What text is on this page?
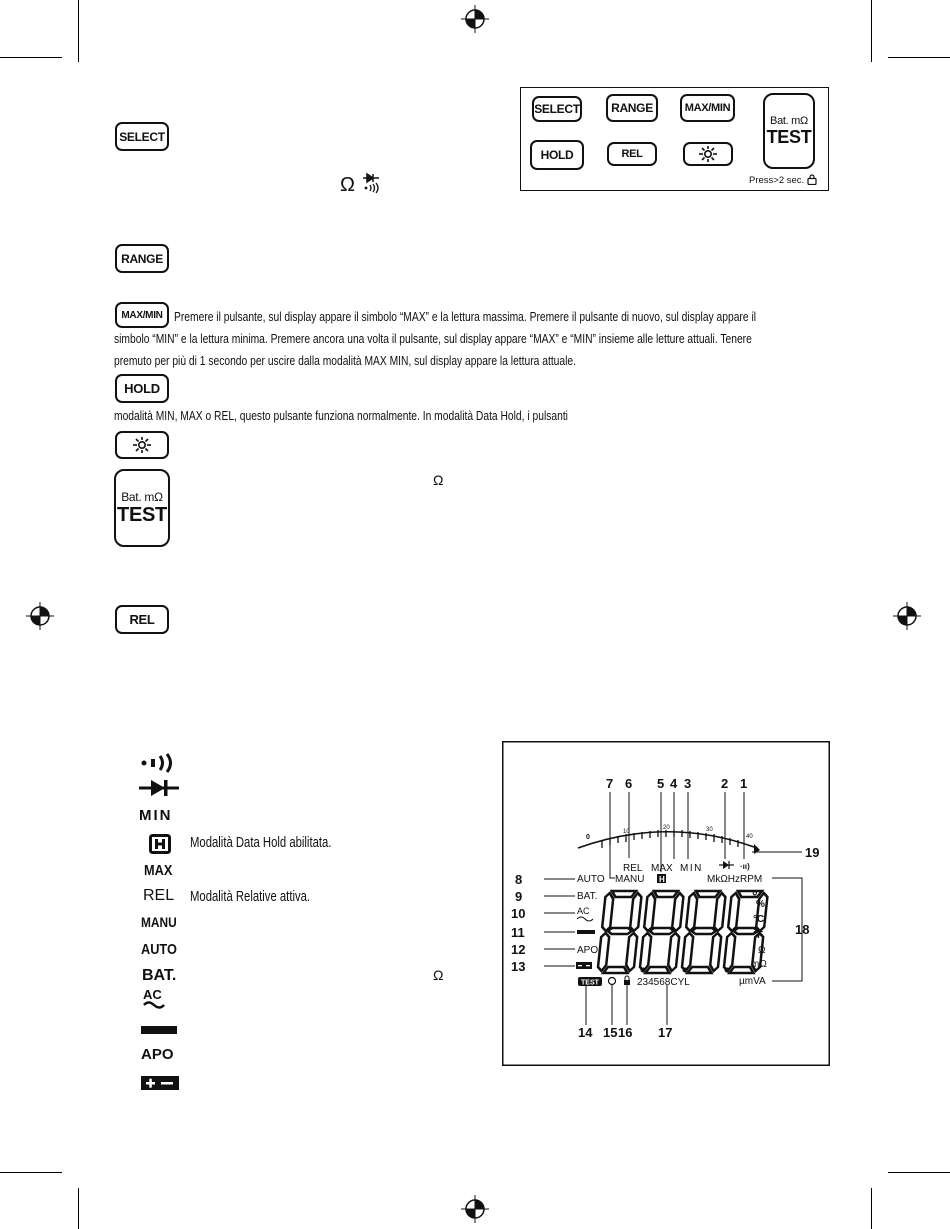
SELECT	RANGE	MAX/MIN
HOLD	REL
Bat. mΩ
TEST
Press>2 sec.
SELECT
Ω
RANGE
MAX/MIN Premere il pulsante, sul display appare il simbolo “MAX” e la lettura massima. Premere il pulsante di nuovo, sul display appare il
simbolo “MIN” e la lettura minima. Premere ancora una volta il pulsante, sul display appare “MAX” e “MIN” insieme alle letture attuali. Tenere
premuto per più di 1 secondo per uscire dalla modalità MAX MIN, sul display appare la lettura attuale.
HOLD
modalità MIN, MAX o REL, questo pulsante funziona normalmente. In modalità Data Hold, i pulsanti
Bat. mΩ
TEST
Ω
REL
MIN
Modalità Data Hold abilitata.
MAX
REL Modalità Relative attiva.
MANU
AUTO
BAT.	Ω
AC
APO
7 6 5 4 3 2 1
0
10
20	30
40
19
REL MAX MIN	·ıı)
MANU H	MkΩHzRPM
8
9
10
11
12
13
AUTO
BAT.
AC
APO
°
%
°C
°F
Ω
mΩ
µmVA
18
TEST	234568CYL
14 15 16 17
